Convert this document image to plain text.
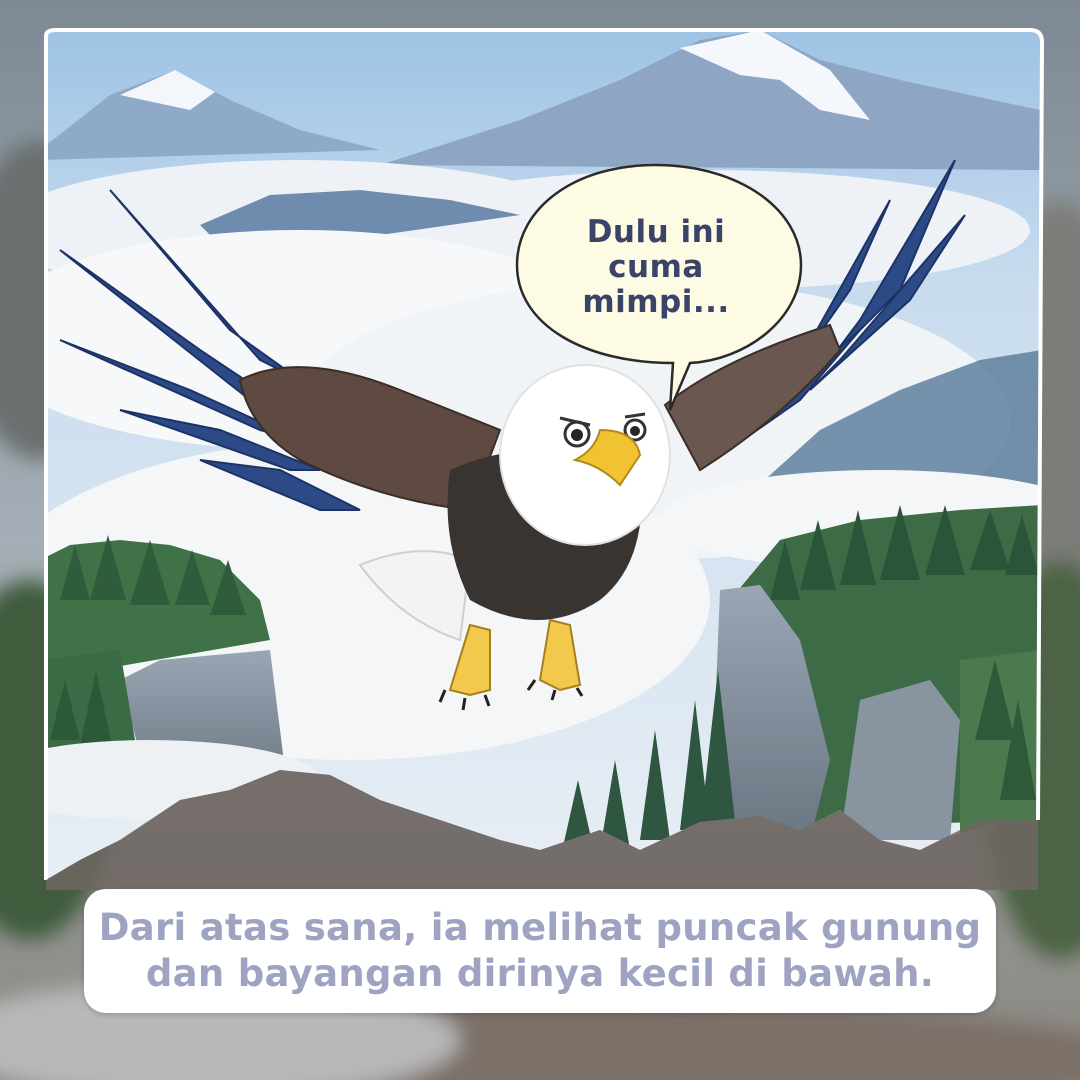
Dulu ini
cuma
mimpi...
Dari atas sana, ia melihat puncak gunung
dan bayangan dirinya kecil di bawah.
